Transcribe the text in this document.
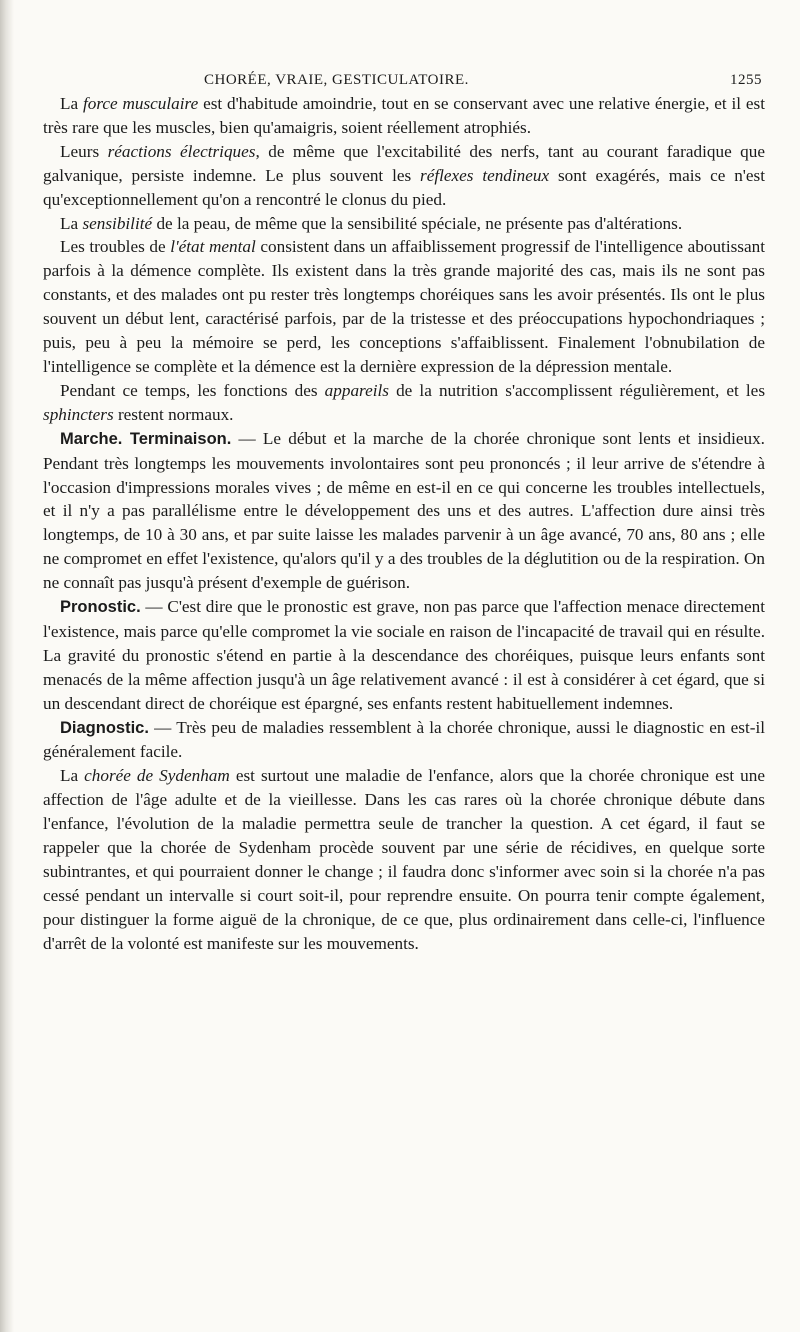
CHORÉE, VRAIE, GESTICULATOIRE.	1255

La force musculaire est d'habitude amoindrie, tout en se conservant avec une relative énergie, et il est très rare que les muscles, bien qu'amaigris, soient réellement atrophiés.

Leurs réactions électriques, de même que l'excitabilité des nerfs, tant au courant faradique que galvanique, persiste indemne. Le plus souvent les réflexes tendineux sont exagérés, mais ce n'est qu'exceptionnellement qu'on a rencontré le clonus du pied.

La sensibilité de la peau, de même que la sensibilité spéciale, ne présente pas d'altérations.

Les troubles de l'état mental consistent dans un affaiblissement progressif de l'intelligence aboutissant parfois à la démence complète. Ils existent dans la très grande majorité des cas, mais ils ne sont pas constants, et des malades ont pu rester très longtemps choréiques sans les avoir présentés. Ils ont le plus souvent un début lent, caractérisé parfois, par de la tristesse et des préoccupations hypochondriaques ; puis, peu à peu la mémoire se perd, les conceptions s'affaiblissent. Finalement l'obnubilation de l'intelligence se complète et la démence est la dernière expression de la dépression mentale.

Pendant ce temps, les fonctions des appareils de la nutrition s'accomplissent régulièrement, et les sphincters restent normaux.

Marche. Terminaison. — Le début et la marche de la chorée chronique sont lents et insidieux. Pendant très longtemps les mouvements involontaires sont peu prononcés ; il leur arrive de s'étendre à l'occasion d'impressions morales vives ; de même en est-il en ce qui concerne les troubles intellectuels, et il n'y a pas parallélisme entre le développement des uns et des autres. L'affection dure ainsi très longtemps, de 10 à 30 ans, et par suite laisse les malades parvenir à un âge avancé, 70 ans, 80 ans ; elle ne compromet en effet l'existence, qu'alors qu'il y a des troubles de la déglutition ou de la respiration. On ne connaît pas jusqu'à présent d'exemple de guérison.

Pronostic. — C'est dire que le pronostic est grave, non pas parce que l'affection menace directement l'existence, mais parce qu'elle compromet la vie sociale en raison de l'incapacité de travail qui en résulte. La gravité du pronostic s'étend en partie à la descendance des choréiques, puisque leurs enfants sont menacés de la même affection jusqu'à un âge relativement avancé : il est à considérer à cet égard, que si un descendant direct de choréique est épargné, ses enfants restent habituellement indemnes.

Diagnostic. — Très peu de maladies ressemblent à la chorée chronique, aussi le diagnostic en est-il généralement facile.

La chorée de Sydenham est surtout une maladie de l'enfance, alors que la chorée chronique est une affection de l'âge adulte et de la vieillesse. Dans les cas rares où la chorée chronique débute dans l'enfance, l'évolution de la maladie permettra seule de trancher la question. A cet égard, il faut se rappeler que la chorée de Sydenham procède souvent par une série de récidives, en quelque sorte subintrantes, et qui pourraient donner le change ; il faudra donc s'informer avec soin si la chorée n'a pas cessé pendant un intervalle si court soit-il, pour reprendre ensuite. On pourra tenir compte également, pour distinguer la forme aiguë de la chronique, de ce que, plus ordinairement dans celle-ci, l'influence d'arrêt de la volonté est manifeste sur les mouvements.
